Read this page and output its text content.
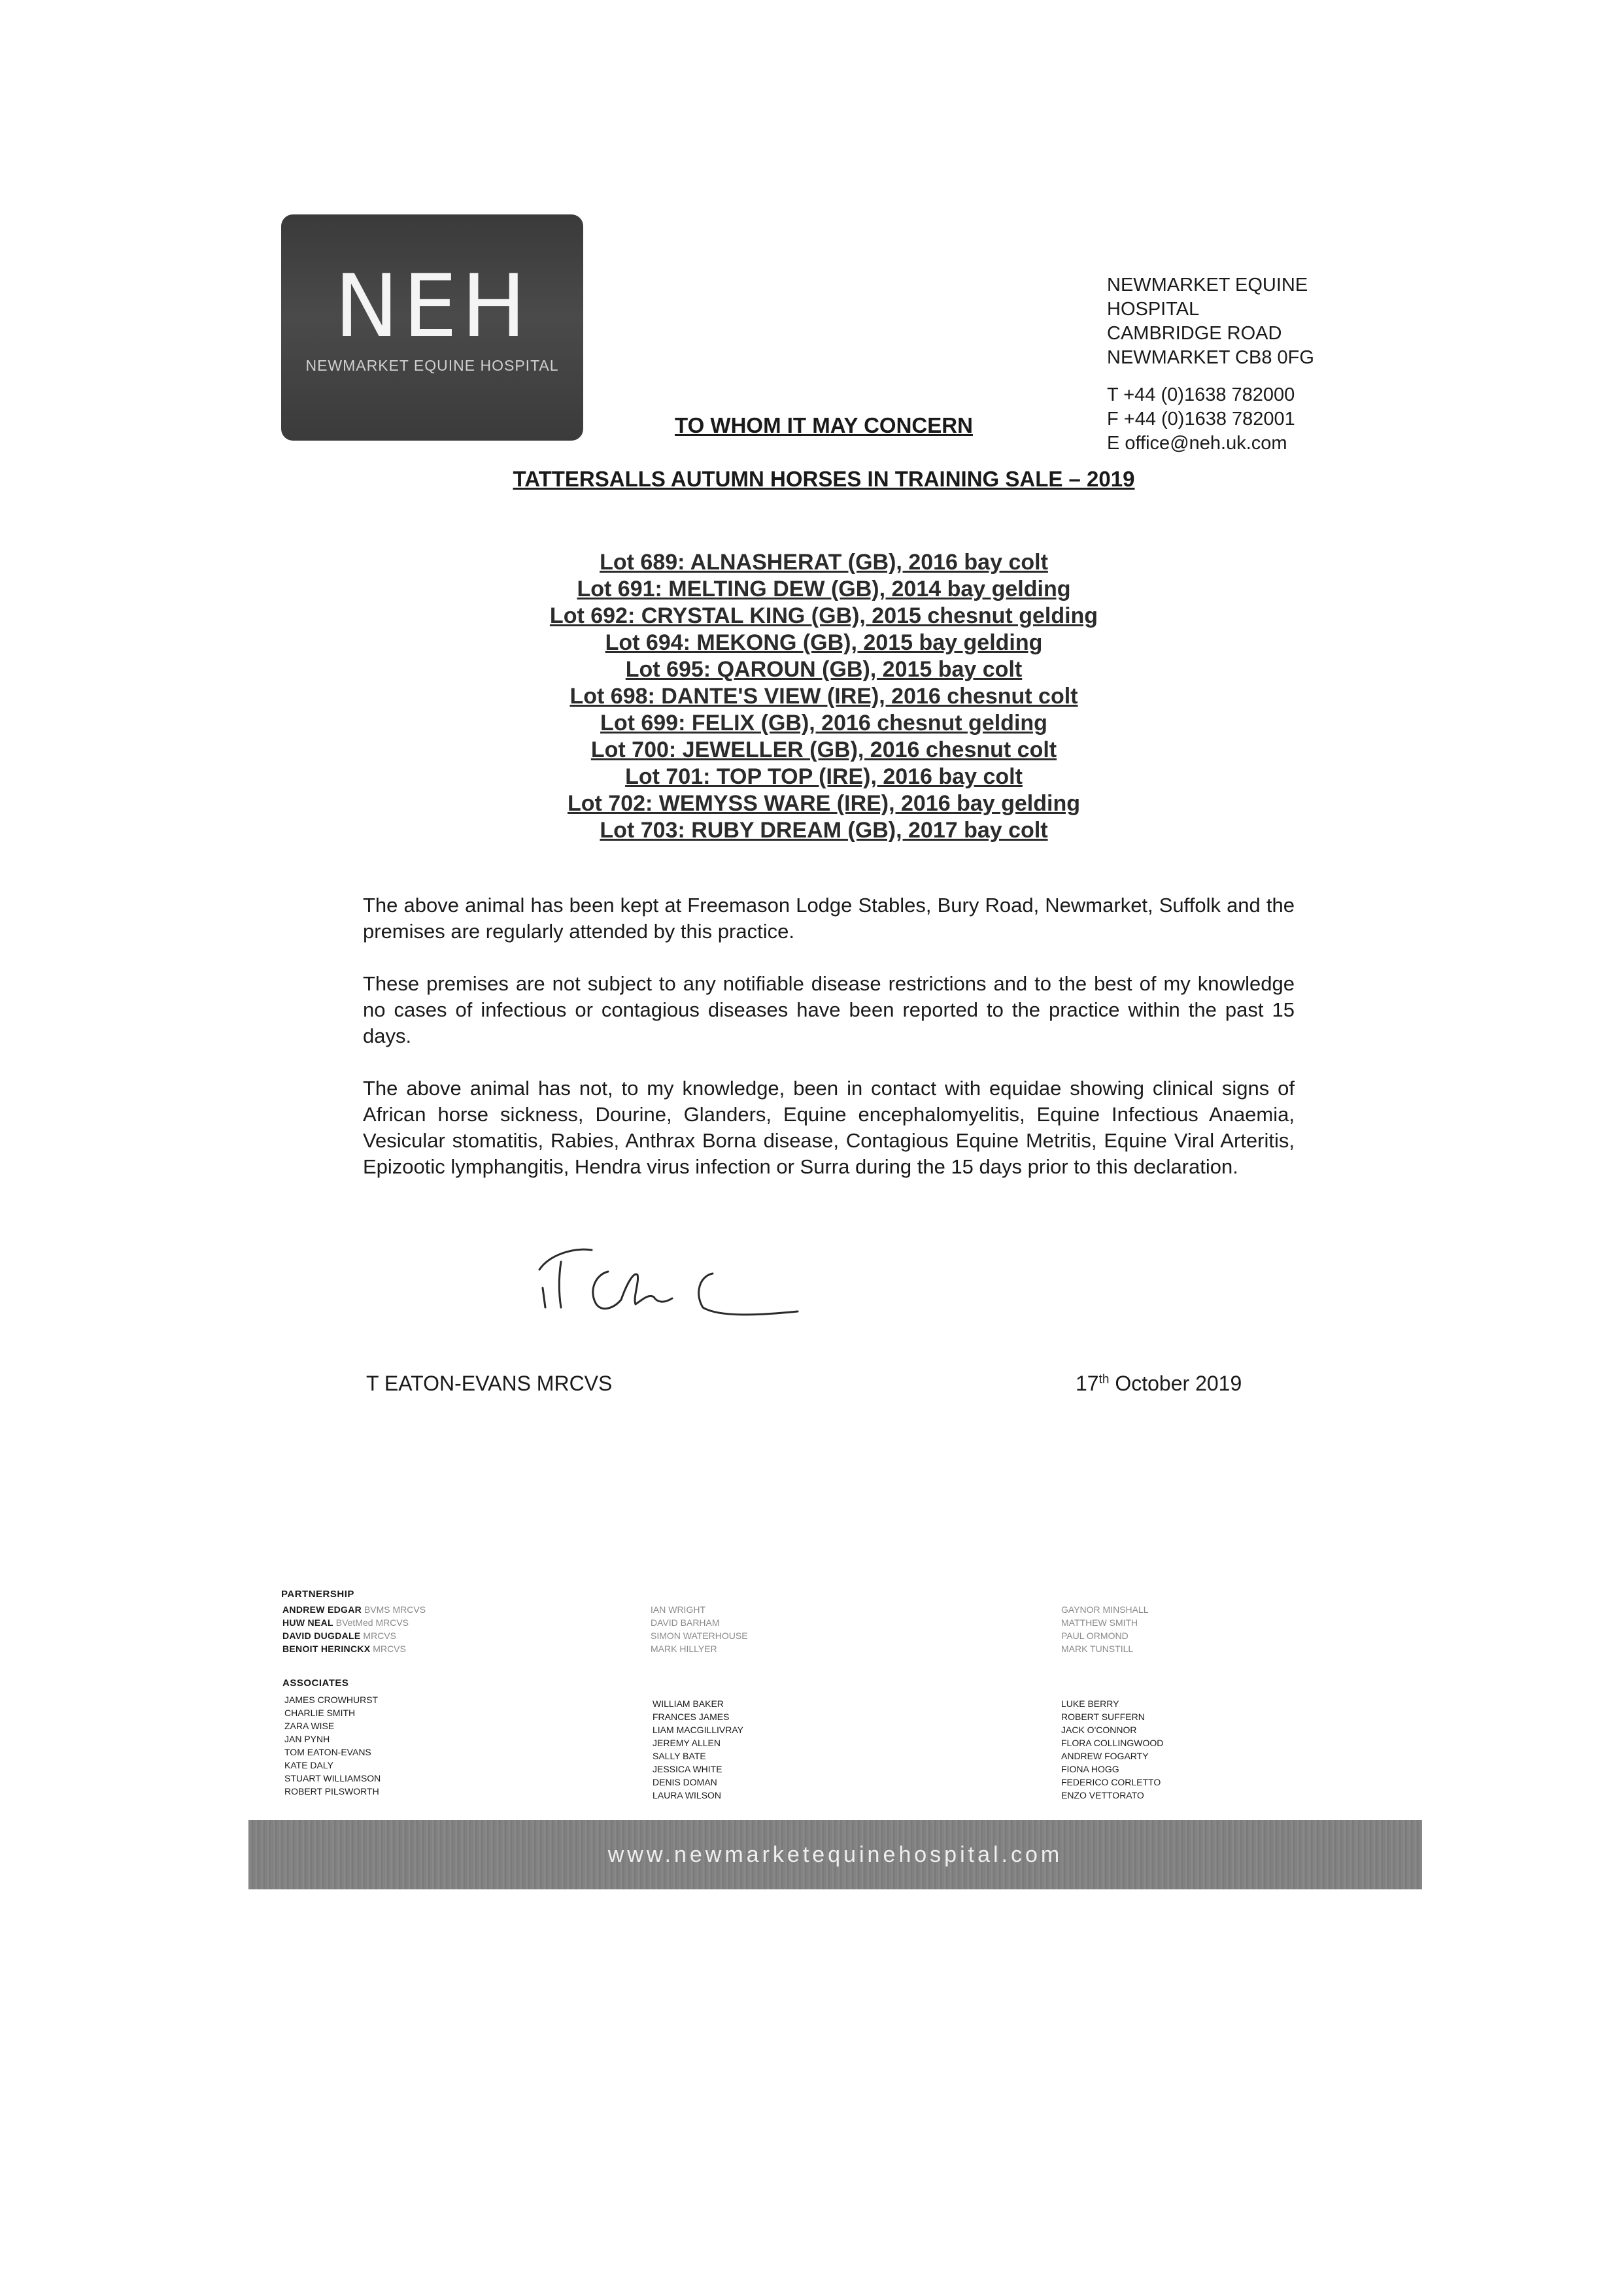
NEH
NEWMARKET EQUINE HOSPITAL
NEWMARKET EQUINE HOSPITAL
CAMBRIDGE ROAD
NEWMARKET CB8 0FG
T +44 (0)1638 782000
F +44 (0)1638 782001
E office@neh.uk.com
TO WHOM IT MAY CONCERN
TATTERSALLS AUTUMN HORSES IN TRAINING SALE – 2019
Lot 689: ALNASHERAT (GB), 2016 bay colt
Lot 691: MELTING DEW (GB), 2014 bay gelding
Lot 692: CRYSTAL KING (GB), 2015 chesnut gelding
Lot 694: MEKONG (GB), 2015 bay gelding
Lot 695: QAROUN (GB), 2015 bay colt
Lot 698: DANTE'S VIEW (IRE), 2016 chesnut colt
Lot 699: FELIX (GB), 2016 chesnut gelding
Lot 700: JEWELLER (GB), 2016 chesnut colt
Lot 701: TOP TOP (IRE), 2016 bay colt
Lot 702: WEMYSS WARE (IRE), 2016 bay gelding
Lot 703: RUBY DREAM (GB), 2017 bay colt

The above animal has been kept at Freemason Lodge Stables, Bury Road, Newmarket, Suffolk and the premises are regularly attended by this practice.

These premises are not subject to any notifiable disease restrictions and to the best of my knowledge no cases of infectious or contagious diseases have been reported to the practice within the past 15 days.

The above animal has not, to my knowledge, been in contact with equidae showing clinical signs of African horse sickness, Dourine, Glanders, Equine encephalomyelitis, Equine Infectious Anaemia, Vesicular stomatitis, Rabies, Anthrax Borna disease, Contagious Equine Metritis, Equine Viral Arteritis, Epizootic lymphangitis, Hendra virus infection or Surra during the 15 days prior to this declaration.

T EATON-EVANS MRCVS	17th October 2019
PARTNERSHIP
ANDREW EDGAR BVMS MRCVS
HUW NEAL BVetMed MRCVS
DAVID DUGDALE MRCVS
BENOIT HERINCKX MRCVS
IAN WRIGHT
DAVID BARHAM
SIMON WATERHOUSE
MARK HILLYER
GAYNOR MINSHALL
MATTHEW SMITH
PAUL ORMOND
MARK TUNSTILL
ASSOCIATES
JAMES CROWHURST
CHARLIE SMITH
ZARA WISE
JAN PYNH
TOM EATON-EVANS
KATE DALY
STUART WILLIAMSON
ROBERT PILSWORTH
WILLIAM BAKER
FRANCES JAMES
LIAM MACGILLIVRAY
JEREMY ALLEN
SALLY BATE
JESSICA WHITE
DENIS DOMAN
LAURA WILSON
LUKE BERRY
ROBERT SUFFERN
JACK O'CONNOR
FLORA COLLINGWOOD
ANDREW FOGARTY
FIONA HOGG
FEDERICO CORLETTO
ENZO VETTORATO
www.newmarketequinehospital.com
